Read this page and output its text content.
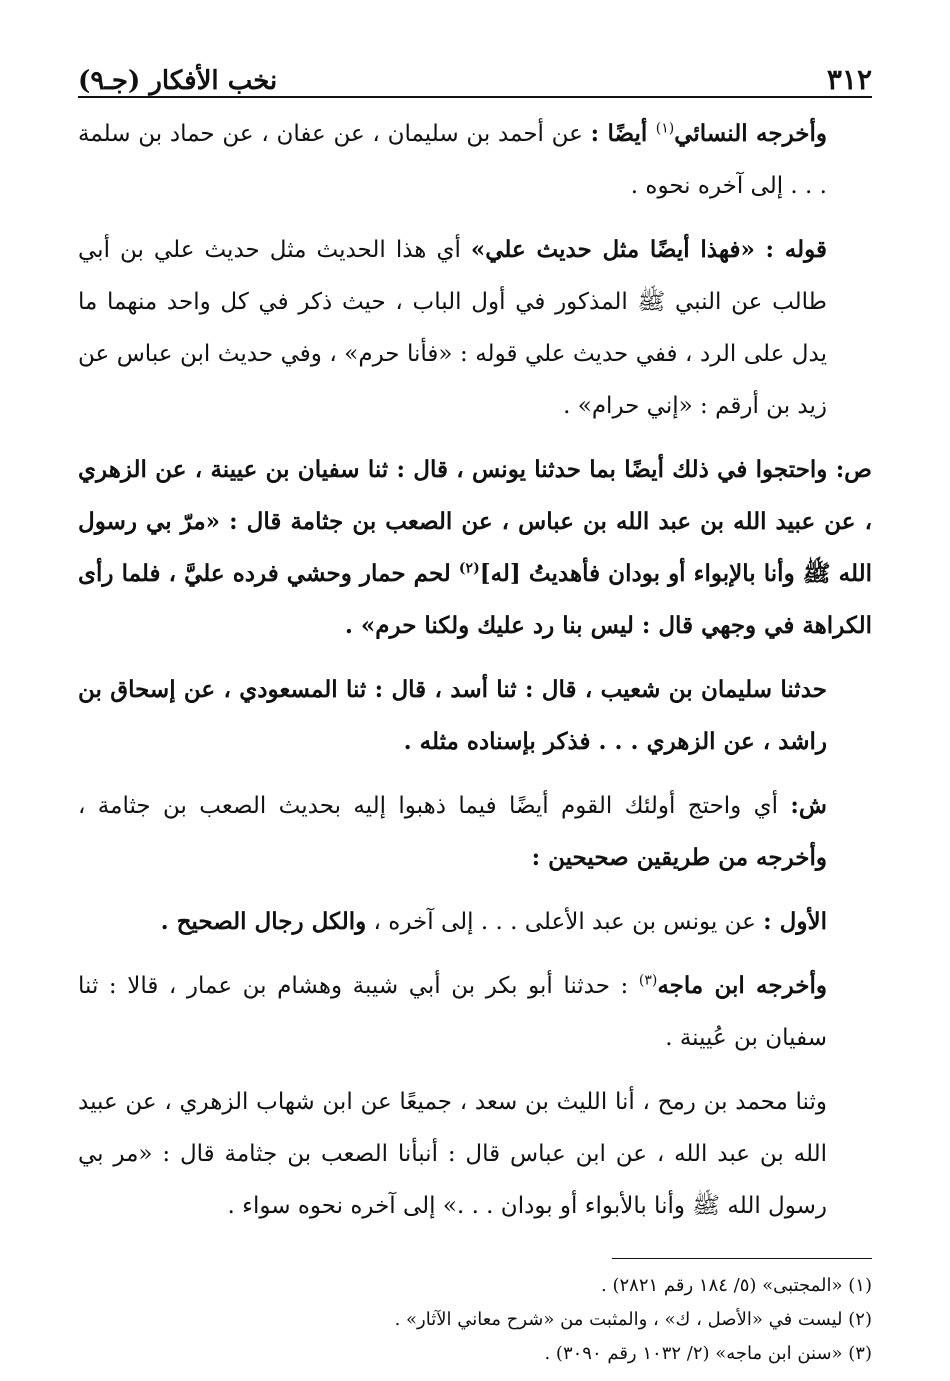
٣١٢
نخب الأفكار (جـ٩)

وأخرجه النسائي$^{(١)}$ أيضًا : عن أحمد بن سليمان ، عن عفان ، عن حماد بن سلمة . . . إلى آخره نحوه .

قوله : «فهذا أيضًا مثل حديث علي» أي هذا الحديث مثل حديث علي بن أبي طالب عن النبي ﷺ المذكور في أول الباب ، حيث ذكر في كل واحد منهما ما يدل على الرد ، ففي حديث علي قوله : «فأنا حرم» ، وفي حديث ابن عباس عن زيد بن أرقم : «إني حرام» .

ص: واحتجوا في ذلك أيضًا بما حدثنا يونس ، قال : ثنا سفيان بن عيينة ، عن الزهري ، عن عبيد الله بن عبد الله بن عباس ، عن الصعب بن جثامة قال : «مرّ بي رسول الله ﷺ وأنا بالإبواء أو بودان فأهديتُ [له]$^{(٢)}$ لحم حمار وحشي فرده عليَّ ، فلما رأى الكراهة في وجهي قال : ليس بنا رد عليك ولكنا حرم» .

حدثنا سليمان بن شعيب ، قال : ثنا أسد ، قال : ثنا المسعودي ، عن إسحاق بن راشد ، عن الزهري . . . فذكر بإسناده مثله .

ش: أي واحتج أولئك القوم أيضًا فيما ذهبوا إليه بحديث الصعب بن جثامة ، وأخرجه من طريقين صحيحين :

الأول : عن يونس بن عبد الأعلى . . . إلى آخره ، والكل رجال الصحيح .

وأخرجه ابن ماجه$^{(٣)}$ : حدثنا أبو بكر بن أبي شيبة وهشام بن عمار ، قالا : ثنا سفيان بن عُيينة .

وثنا محمد بن رمح ، أنا الليث بن سعد ، جميعًا عن ابن شهاب الزهري ، عن عبيد الله بن عبد الله ، عن ابن عباس قال : أنبأنا الصعب بن جثامة قال : «مر بي رسول الله ﷺ وأنا بالأبواء أو بودان . . .» إلى آخره نحوه سواء .

(١) «المجتبى» (٥/ ١٨٤ رقم ٢٨٢١) .

(٢) ليست في «الأصل ، ك» ، والمثبت من «شرح معاني الآثار» .

(٣) «سنن ابن ماجه» (٢/ ١٠٣٢ رقم ٣٠٩٠) .
